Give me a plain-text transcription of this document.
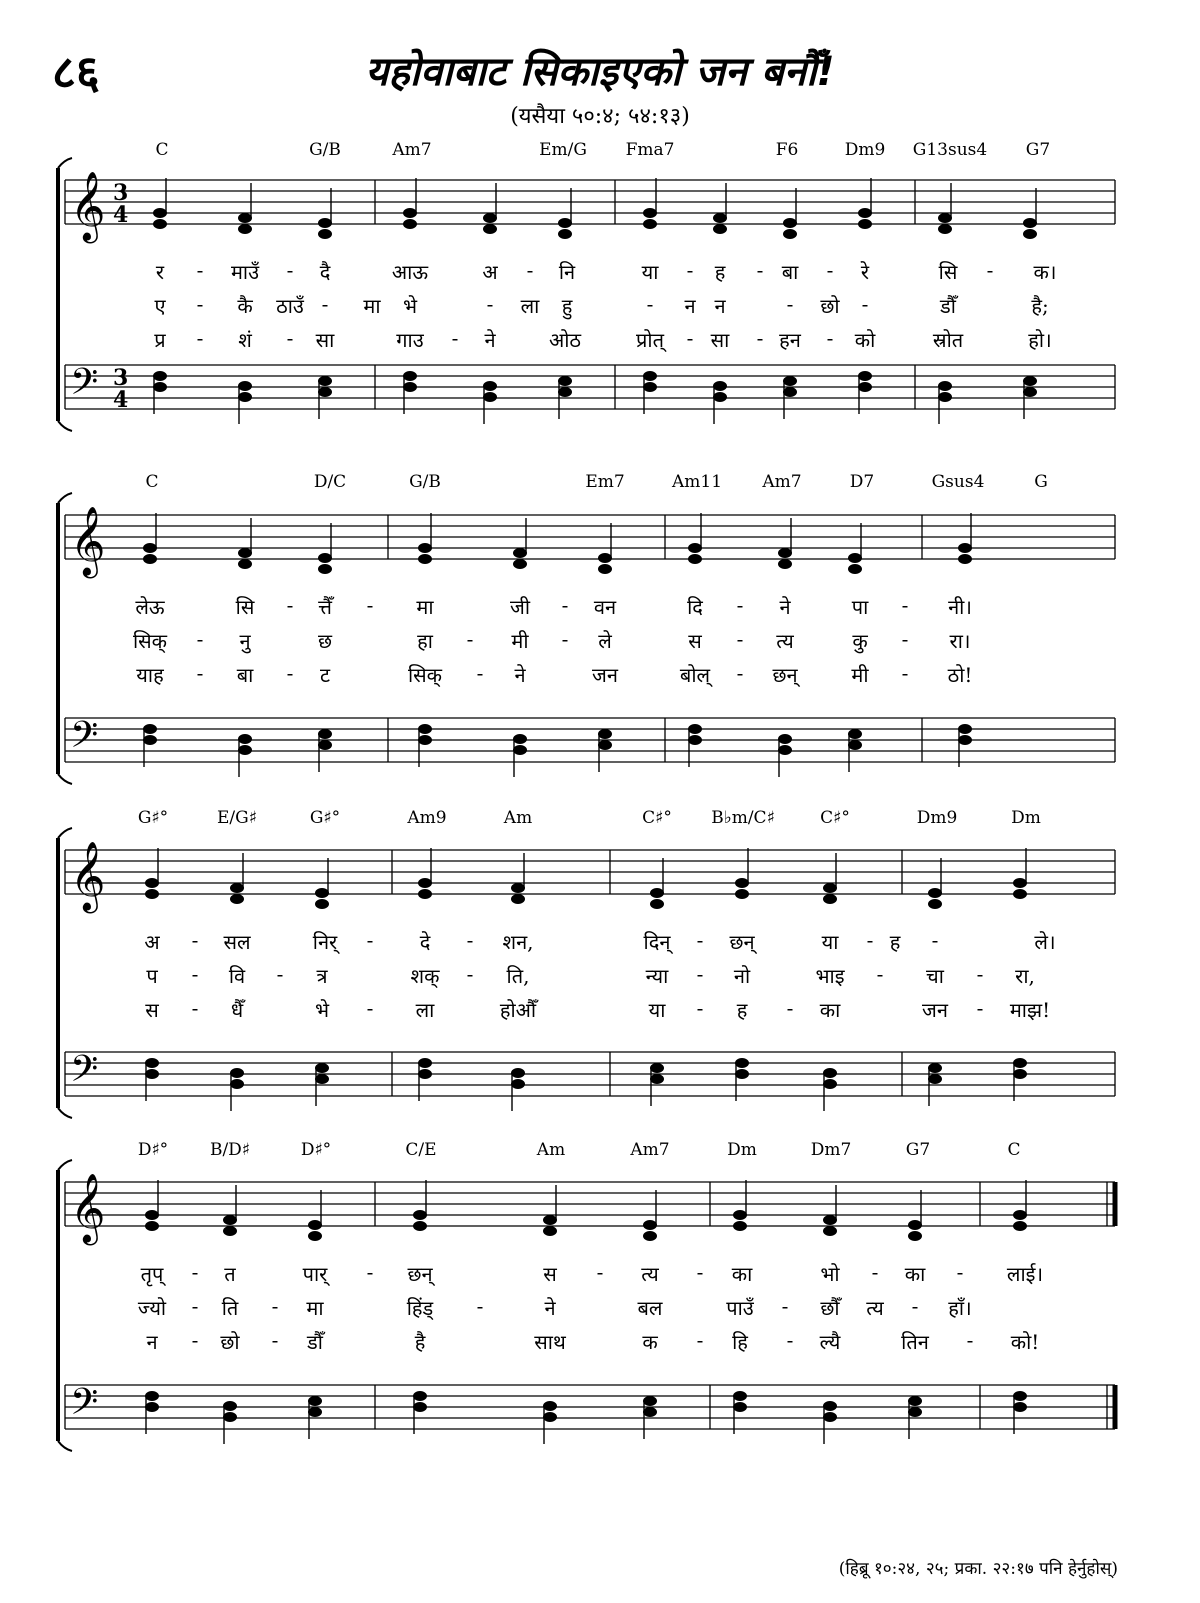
८६	यहोवाबाट सिकाइएको जन बनौँ!
(यसैया ५०:४; ५४:१३)
𝄞
𝄢
3
4
3
4
C	G/B	Am7	Em/G Fma7	F6	Dm9 G13sus4 G7
र - माउँ - दै	आऊ	अ - नि	या - ह - बा - रे	सि - क।
ए - कै ठाउँ - मा भे	- ला हु	- न न	- छो -	डौँ	है;
प्र - शं - सा	गाउ - ने	ओठ	प्रोत् - सा - हन - को	स्रोत	हो।
𝄞
𝄢
C	D/C	G/B	Em7	Am11 Am7	D7	Gsus4	G
लेऊ	सि - त्तैँ - मा	जी - वन	दि - ने	पा - नी।
सिक् - नु	छ	हा - मी - ले	स - त्य	कु - रा।
याह - बा - ट	सिक् - ने	जन	बोल् - छन्	मी - ठो!
𝄞
𝄢
G♯°	E/G♯	G♯°	Am9	Am	C♯° B♭m/C♯	C♯°	Dm9	Dm
अ - सल	निर् - दे - शन,	दिन् - छन्	या - ह -	ले।
प - वि - त्र	शक् - ति,	न्या - नो	भाइ - चा - रा,
स - धैँ	भे - ला	होऔँ	या - ह - का	जन - माझ!
𝄞
𝄢
D♯° B/D♯	D♯°	C/E	Am	Am7	Dm	Dm7	G7	C
तृप् - त	पार् - छन्	स - त्य - का	भो - का - लाई।
ज्यो - ति - मा	हिंड् -	ने	बल	पाउँ - छौँ त्य - हाँ।
न - छो - डौँ	है	साथ	क - हि - ल्यै	तिन - को!
(हिब्रू १०:२४, २५; प्रका. २२:१७ पनि हेर्नुहोस्)
